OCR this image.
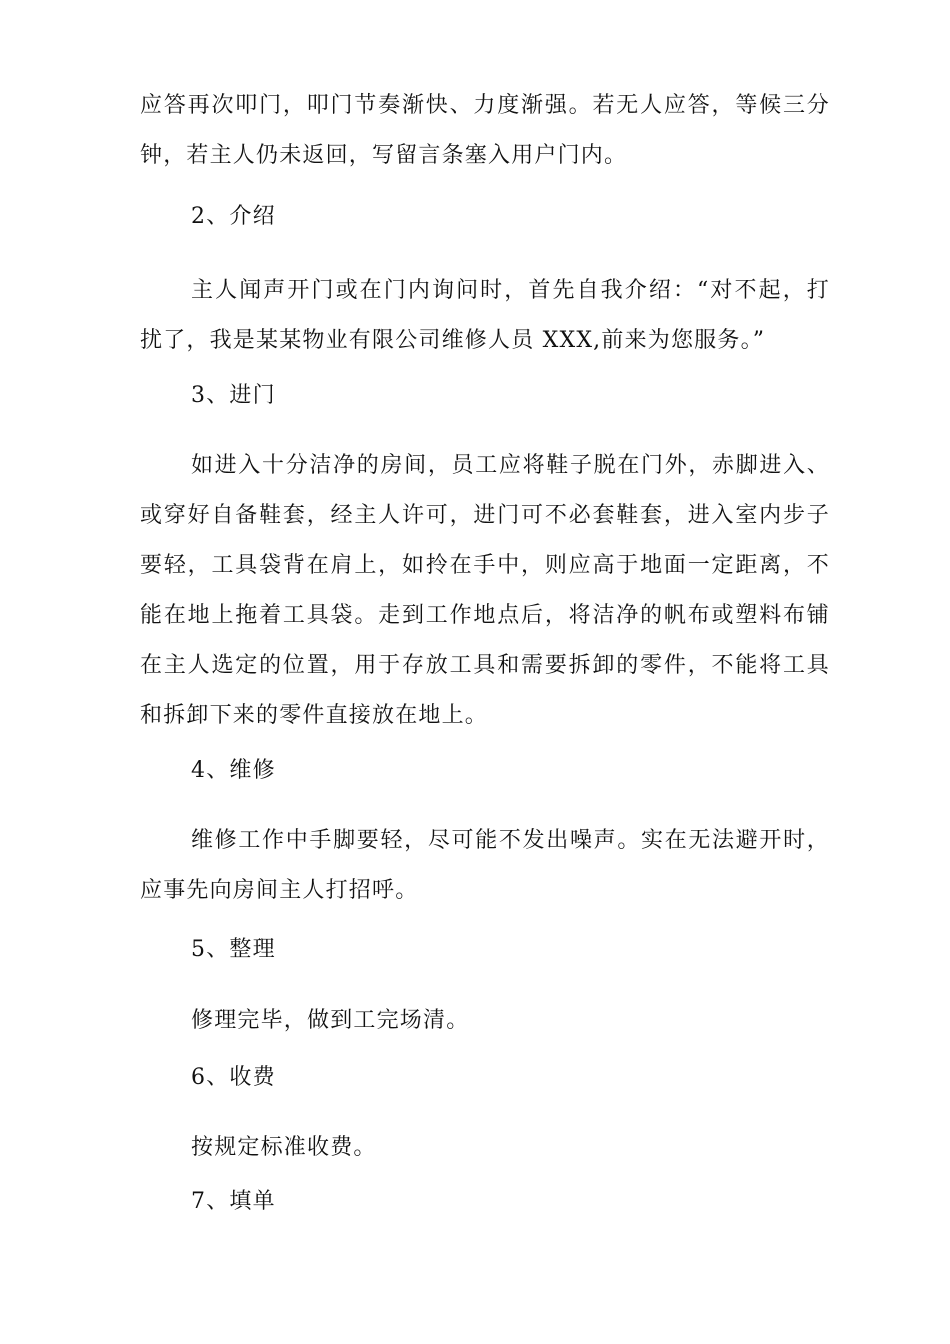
应答再次叩门，叩门节奏渐快、力度渐强。若无人应答，等候三分
钟，若主人仍未返回，写留言条塞入用户门内。
2、介绍
主人闻声开门或在门内询问时，首先自我介绍：“对不起，打
扰了，我是某某物业有限公司维修人员 XXX,前来为您服务。”
3、进门
如进入十分洁净的房间，员工应将鞋子脱在门外，赤脚进入、
或穿好自备鞋套，经主人许可，进门可不必套鞋套，进入室内步子
要轻，工具袋背在肩上，如拎在手中，则应高于地面一定距离，不
能在地上拖着工具袋。走到工作地点后，将洁净的帆布或塑料布铺
在主人选定的位置，用于存放工具和需要拆卸的零件，不能将工具
和拆卸下来的零件直接放在地上。
4、维修
维修工作中手脚要轻，尽可能不发出噪声。实在无法避开时，
应事先向房间主人打招呼。
5、整理
修理完毕，做到工完场清。
6、收费
按规定标准收费。
7、填单
